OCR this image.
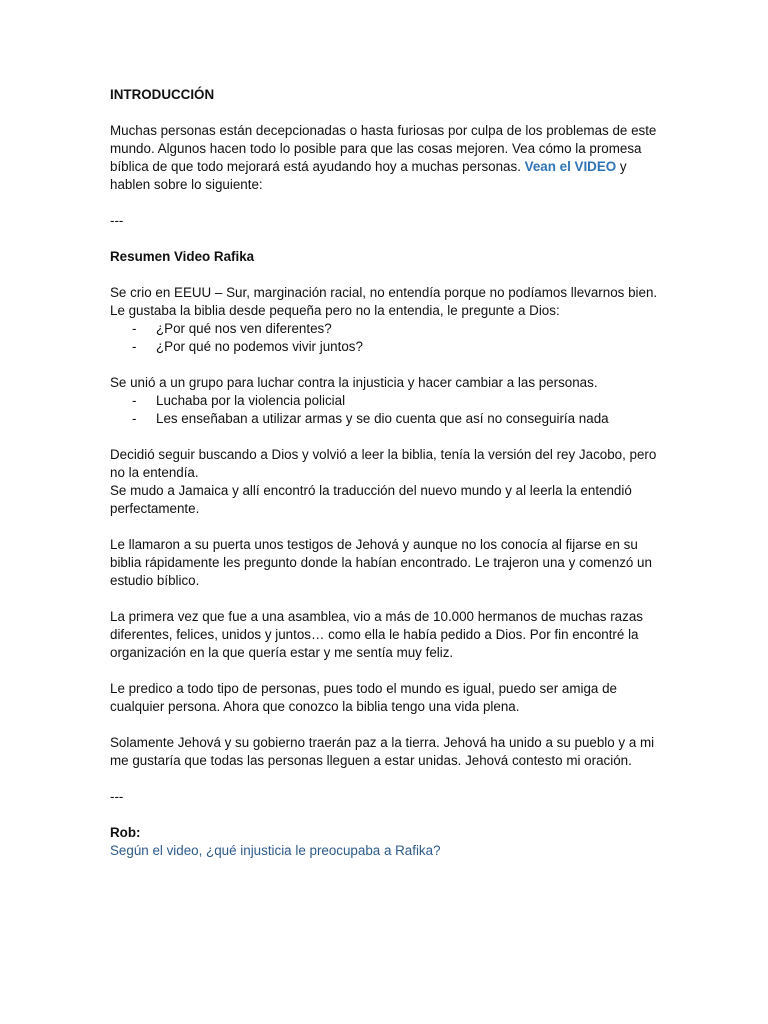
INTRODUCCIÓN

Muchas personas están decepcionadas o hasta furiosas por culpa de los problemas de este mundo. Algunos hacen todo lo posible para que las cosas mejoren. Vea cómo la promesa bíblica de que todo mejorará está ayudando hoy a muchas personas. Vean el VIDEO y hablen sobre lo siguiente:

---

Resumen Video Rafika

Se crio en EEUU – Sur, marginación racial, no entendía porque no podíamos llevarnos bien.

Le gustaba la biblia desde pequeña pero no la entendia, le pregunte a Dios:

- ¿Por qué nos ven diferentes?
- ¿Por qué no podemos vivir juntos?

Se unió a un grupo para luchar contra la injusticia y hacer cambiar a las personas.

- Luchaba por la violencia policial
- Les enseñaban a utilizar armas y se dio cuenta que así no conseguiría nada

Decidió seguir buscando a Dios y volvió a leer la biblia, tenía la versión del rey Jacobo, pero no la entendía.

Se mudo a Jamaica y allí encontró la traducción del nuevo mundo y al leerla la entendió perfectamente.

Le llamaron a su puerta unos testigos de Jehová y aunque no los conocía al fijarse en su biblia rápidamente les pregunto donde la habían encontrado. Le trajeron una y comenzó un estudio bíblico.

La primera vez que fue a una asamblea, vio a más de 10.000 hermanos de muchas razas diferentes, felices, unidos y juntos… como ella le había pedido a Dios. Por fin encontré la organización en la que quería estar y me sentía muy feliz.

Le predico a todo tipo de personas, pues todo el mundo es igual, puedo ser amiga de cualquier persona. Ahora que conozco la biblia tengo una vida plena.

Solamente Jehová y su gobierno traerán paz a la tierra. Jehová ha unido a su pueblo y a mi me gustaría que todas las personas lleguen a estar unidas. Jehová contesto mi oración.

---

Rob:

Según el video, ¿qué injusticia le preocupaba a Rafika?
